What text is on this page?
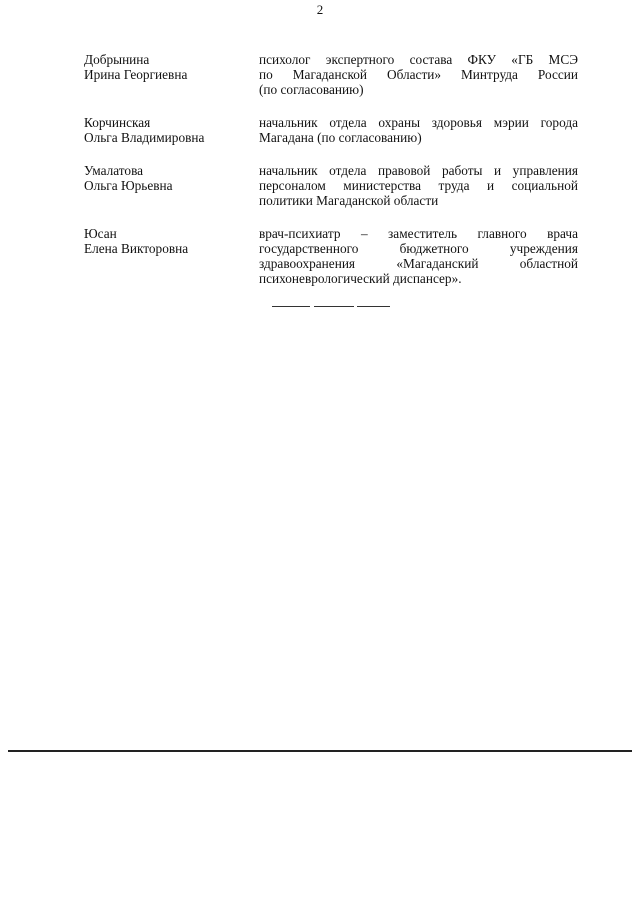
2
Добрынина
Ирина Георгиевна
психолог экспертного состава ФКУ «ГБ МСЭ
по Магаданской Области» Минтруда России
(по согласованию)
Корчинская
Ольга Владимировна
начальник отдела охраны здоровья мэрии города
Магадана (по согласованию)
Умалатова
Ольга Юрьевна
начальник отдела правовой работы и управления
персоналом министерства труда и социальной
политики Магаданской области
Юсан
Елена Викторовна
врач-психиатр – заместитель главного врача
государственного бюджетного учреждения
здравоохранения «Магаданский областной
психоневрологический диспансер».
